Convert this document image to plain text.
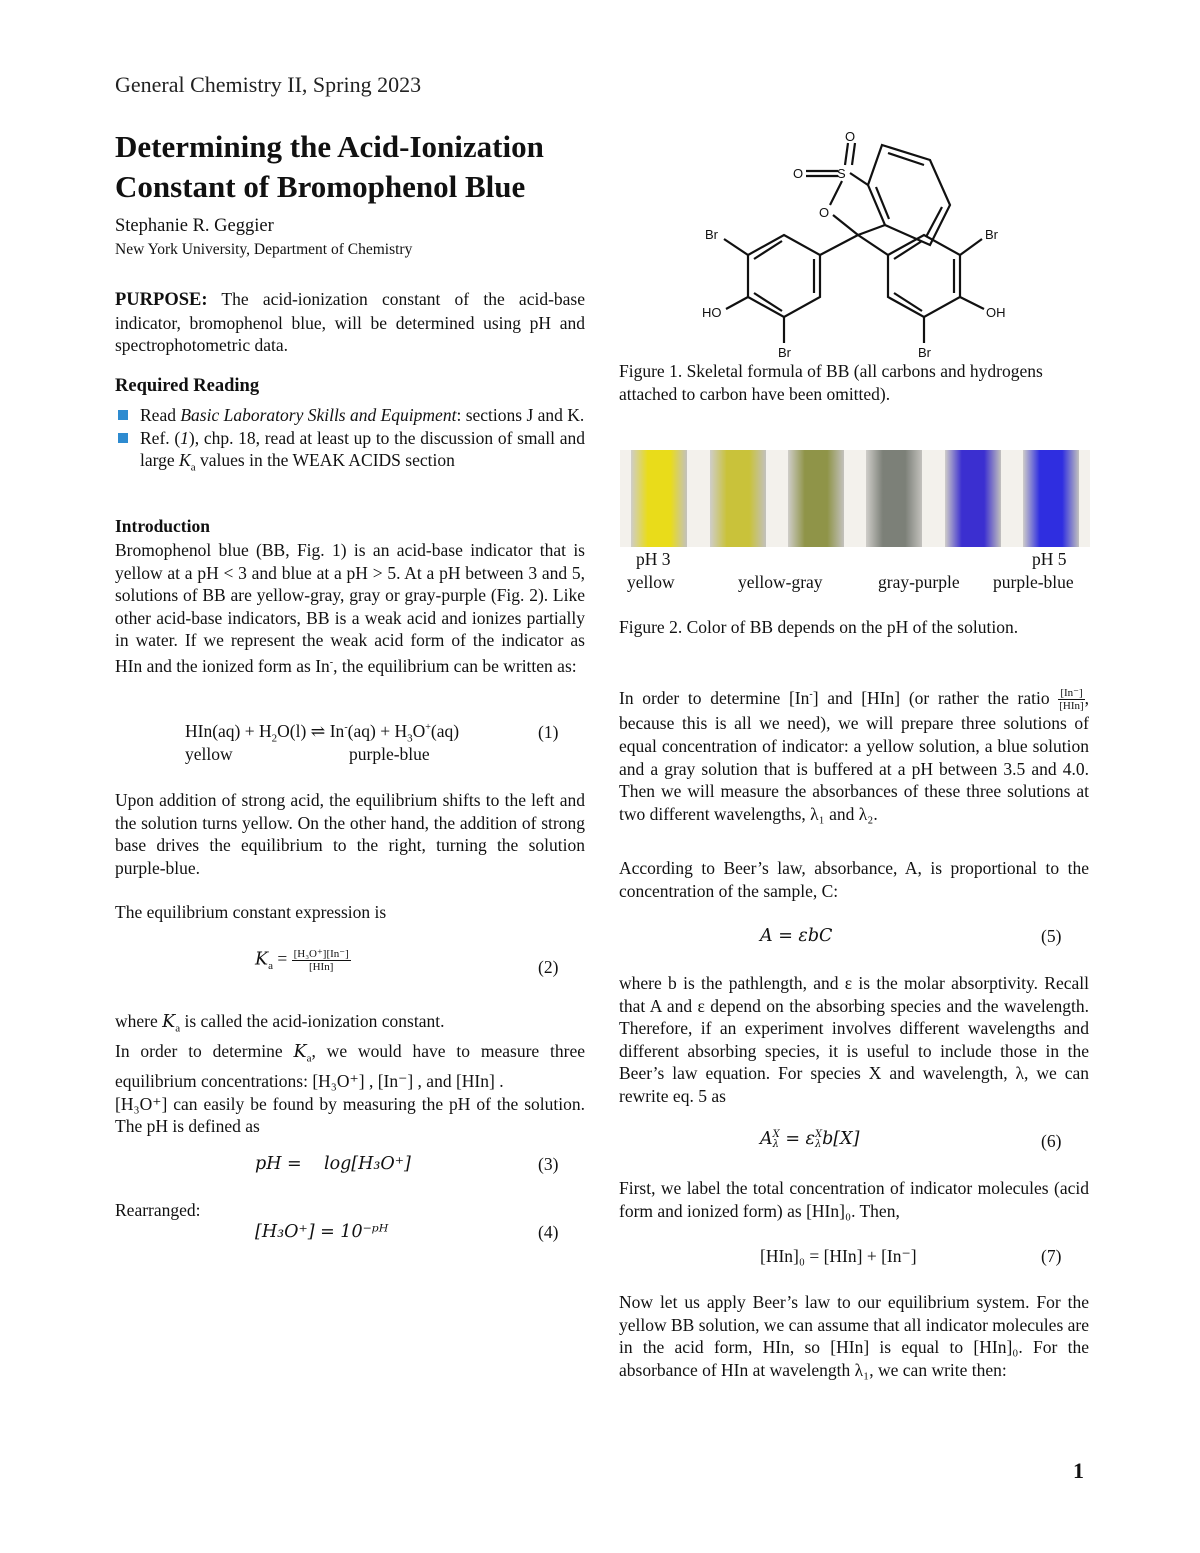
General Chemistry II, Spring 2023
Determining the Acid-Ionization
Constant of Bromophenol Blue
Stephanie R. Geggier
New York University, Department of Chemistry
PURPOSE: The acid-ionization constant of the acid-base indicator, bromophenol blue, will be determined using pH and spectrophotometric data.
Required Reading
Read Basic Laboratory Skills and Equipment: sections J and K.
Ref. (1), chp. 18, read at least up to the discussion of small and large $K_a$ values in the WEAK ACIDS section
Introduction
Bromophenol blue (BB, Fig. 1) is an acid-base indicator that is yellow at a pH < 3 and blue at a pH > 5. At a pH between 3 and 5, solutions of BB are yellow-gray, gray or gray-purple (Fig. 2). Like other acid-base indicators, BB is a weak acid and ionizes partially in water. If we represent the weak acid form of the indicator as HIn and the ionized form as In-, the equilibrium can be written as:
$HIn(aq) + H_2O(l)$ ⇌ $In^-(aq) + H_3O^+(aq)$	(1)
yellow	purple-blue
Upon addition of strong acid, the equilibrium shifts to the left and the solution turns yellow. On the other hand, the addition of strong base drives the equilibrium to the right, turning the solution purple-blue.
The equilibrium constant expression is
$K_a = \frac{\text{[H₃O⁺][In⁻]}}{\text{[HIn]}}$	(2)
where $K_a$ is called the acid-ionization constant.
In order to determine $K_a$, we would have to measure three equilibrium concentrations: [H₃O⁺] , [In⁻] , and [HIn] .
[H₃O⁺] can easily be found by measuring the pH of the solution. The pH is defined as
pH = log[H₃O⁺]	(3)
Rearranged:
[H₃O⁺] = 10⁻ᵖᴴ	(4)
O
O	S
O
Br	Br
HO	OH
Br	Br
Figure 1. Skeletal formula of BB (all carbons and hydrogens attached to carbon have been omitted).
pH 3	pH 5
yellow	yellow-gray	gray-purple purple-blue
Figure 2. Color of BB depends on the pH of the solution.
In order to determine [In-] and [HIn] (or rather the ratio $\frac{[In^-]}{\text{[HIn]}}$ , because this is all we need), we will prepare three solutions of equal concentration of indicator: a yellow solution, a blue solution and a gray solution that is buffered at a pH between 3.5 and 4.0. Then we will measure the absorbances of these three solutions at two different wavelengths, λ₁ and λ₂.
According to Beer’s law, absorbance, A, is proportional to the concentration of the sample, C:
A = εbC	(5)
where b is the pathlength, and ε is the molar absorptivity. Recall that A and ε depend on the absorbing species and the wavelength. Therefore, if an experiment involves different wavelengths and different absorbing species, it is useful to include those in the Beer’s law equation. For species X and wavelength, λ, we can rewrite eq. 5 as
A X
λ = ε X
λ b[X]	(6)
First, we label the total concentration of indicator molecules (acid form and ionized form) as [HIn]₀. Then,
[HIn]₀ = [HIn] + [In⁻]	(7)
Now let us apply Beer’s law to our equilibrium system. For the yellow BB solution, we can assume that all indicator molecules are in the acid form, HIn, so [HIn] is equal to [HIn]₀. For the absorbance of HIn at wavelength λ₁, we can write then:
1
